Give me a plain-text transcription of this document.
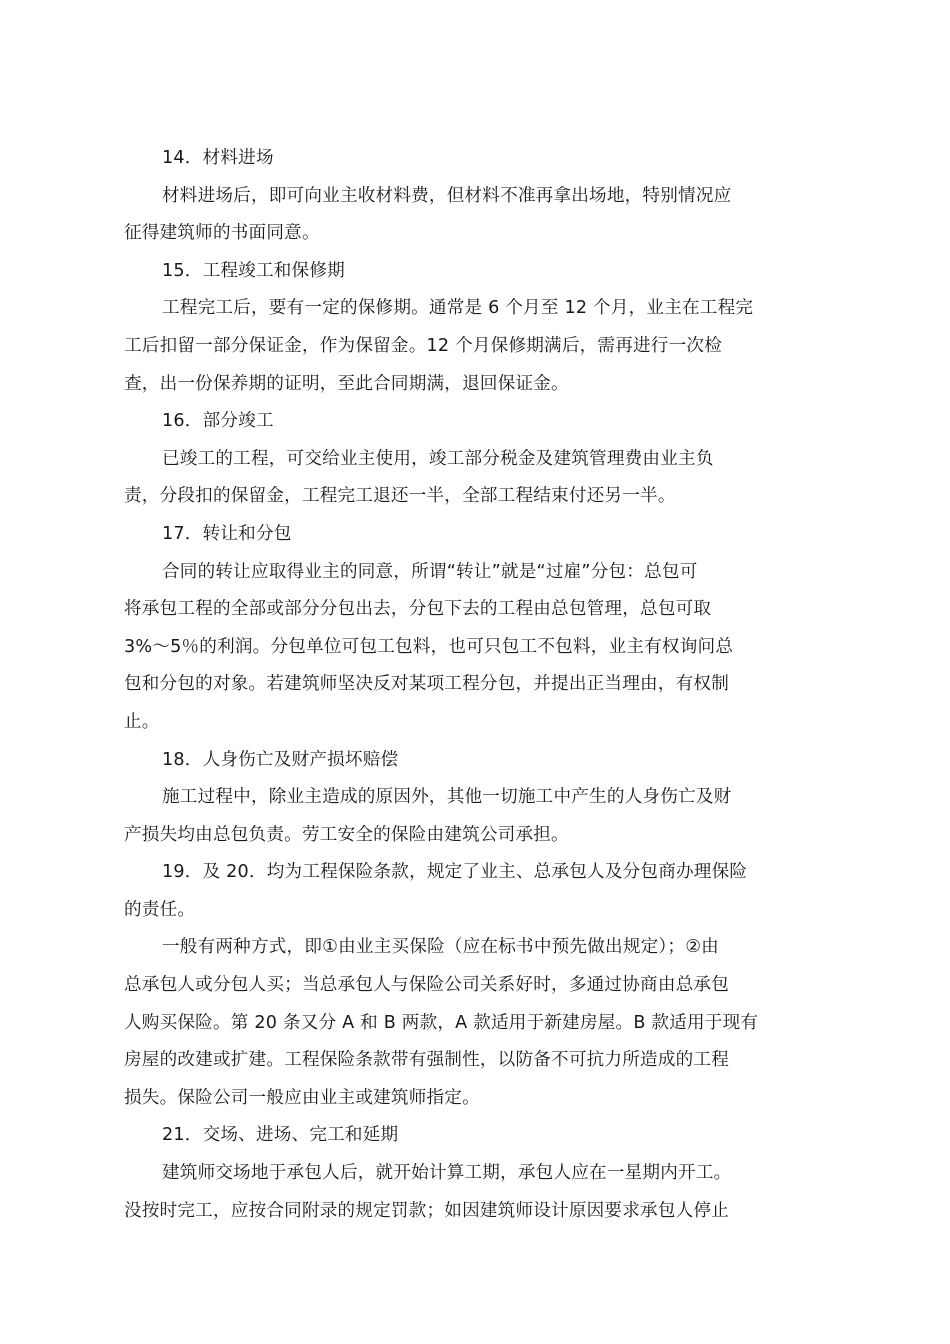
14．材料进场
材料进场后，即可向业主收材料费，但材料不准再拿出场地，特别情况应
征得建筑师的书面同意。
15．工程竣工和保修期
工程完工后，要有一定的保修期。通常是 6 个月至 12 个月，业主在工程完
工后扣留一部分保证金，作为保留金。12 个月保修期满后，需再进行一次检
查，出一份保养期的证明，至此合同期满，退回保证金。
16．部分竣工
已竣工的工程，可交给业主使用，竣工部分税金及建筑管理费由业主负
责，分段扣的保留金，工程完工退还一半，全部工程结束付还另一半。
17．转让和分包
合同的转让应取得业主的同意，所谓“转让”就是“过雇”分包：总包可
将承包工程的全部或部分分包出去，分包下去的工程由总包管理，总包可取
3%～5％的利润。分包单位可包工包料，也可只包工不包料，业主有权询问总
包和分包的对象。若建筑师坚决反对某项工程分包，并提出正当理由，有权制
止。
18．人身伤亡及财产损坏赔偿
施工过程中，除业主造成的原因外，其他一切施工中产生的人身伤亡及财
产损失均由总包负责。劳工安全的保险由建筑公司承担。
19．及 20．均为工程保险条款，规定了业主、总承包人及分包商办理保险
的责任。
一般有两种方式，即①由业主买保险（应在标书中预先做出规定）；②由
总承包人或分包人买；当总承包人与保险公司关系好时，多通过协商由总承包
人购买保险。第 20 条又分 A 和 B 两款，A 款适用于新建房屋。B 款适用于现有
房屋的改建或扩建。工程保险条款带有强制性，以防备不可抗力所造成的工程
损失。保险公司一般应由业主或建筑师指定。
21．交场、进场、完工和延期
建筑师交场地于承包人后，就开始计算工期，承包人应在一星期内开工。
没按时完工，应按合同附录的规定罚款；如因建筑师设计原因要求承包人停止
